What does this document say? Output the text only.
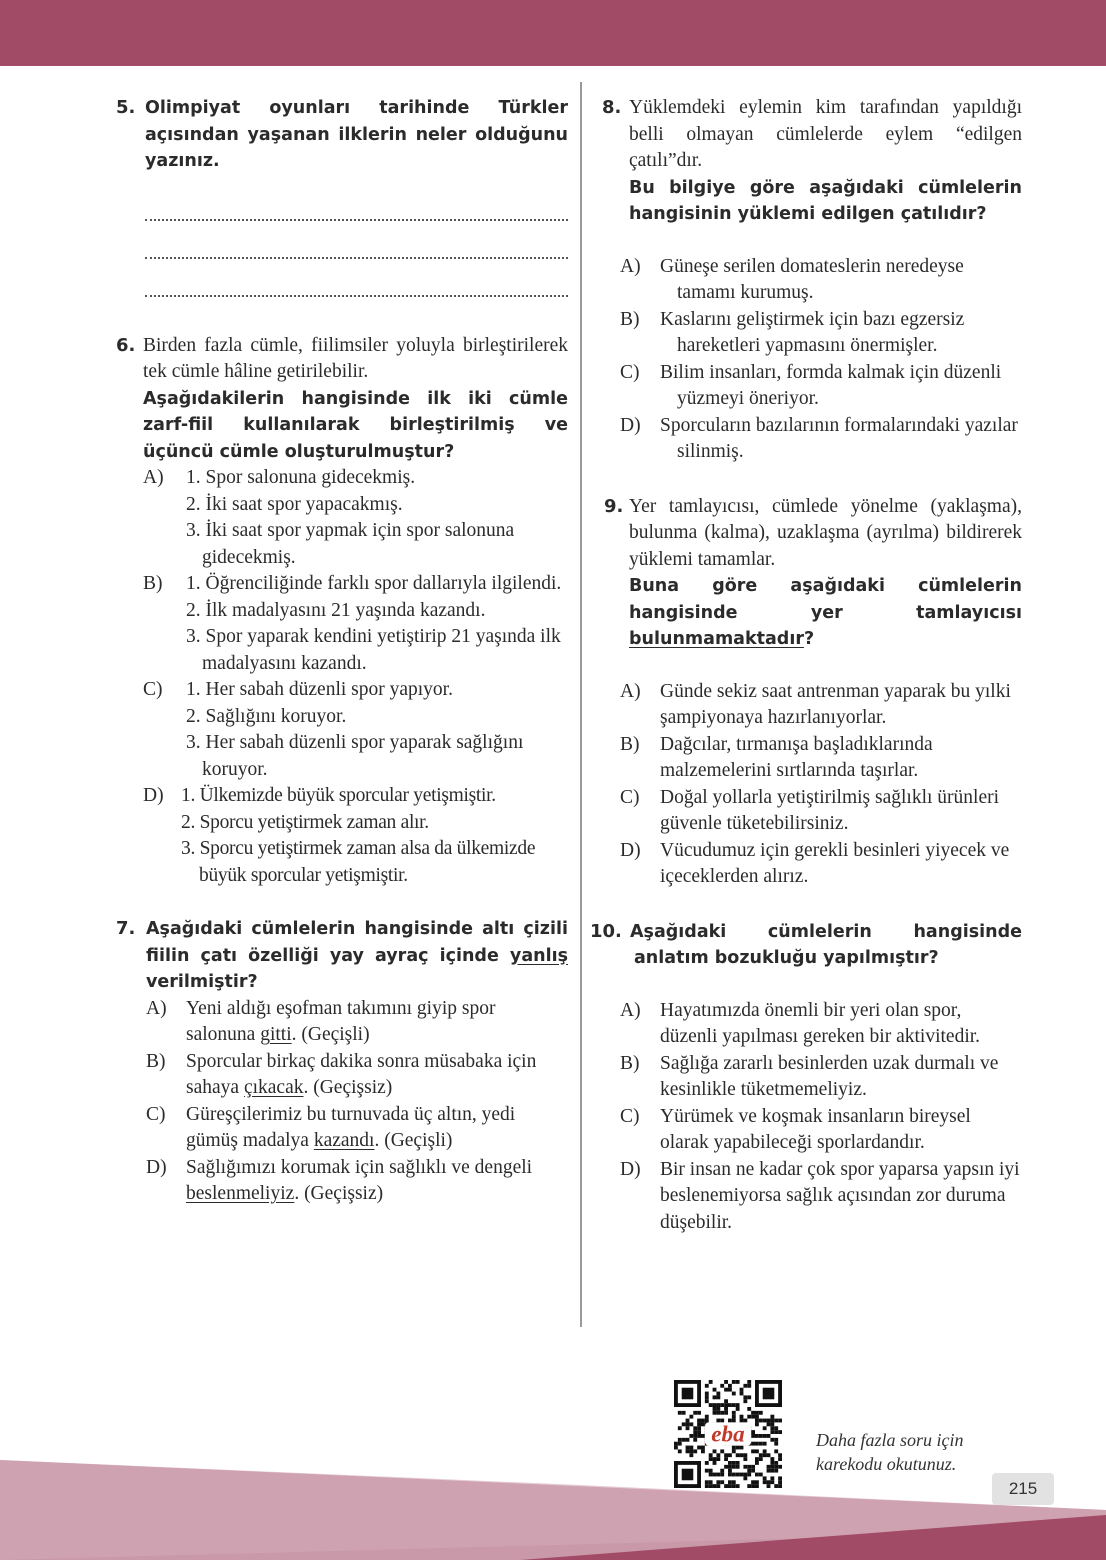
5. Olimpiyat oyunları tarihinde Türkler açısından yaşanan ilklerin neler olduğunu yazınız.
6. Birden fazla cümle, fiilimsiler yoluyla birleştirilerek tek cümle hâline getirilebilir.
Aşağıdakilerin hangisinde ilk iki cümle zarf-fiil kullanılarak birleştirilmiş ve üçüncü cümle oluşturulmuştur?
A) 1. Spor salonuna gidecekmiş.
2. İki saat spor yapacakmış.
3. İki saat spor yapmak için spor salonuna gidecekmiş.
B) 1. Öğrenciliğinde farklı spor dallarıyla ilgilendi.
2. İlk madalyasını 21 yaşında kazandı.
3. Spor yaparak kendini yetiştirip 21 yaşında ilk madalyasını kazandı.
C) 1. Her sabah düzenli spor yapıyor.
2. Sağlığını koruyor.
3. Her sabah düzenli spor yaparak sağlığını koruyor.
D) 1. Ülkemizde büyük sporcular yetişmiştir.
2. Sporcu yetiştirmek zaman alır.
3. Sporcu yetiştirmek zaman alsa da ülkemizde büyük sporcular yetişmiştir.
7. Aşağıdaki cümlelerin hangisinde altı çizili fiilin çatı özelliği yay ayraç içinde yanlış verilmiştir?
A) Yeni aldığı eşofman takımını giyip spor salonuna gitti. (Geçişli)
B) Sporcular birkaç dakika sonra müsabaka için sahaya çıkacak. (Geçişsiz)
C) Güreşçilerimiz bu turnuvada üç altın, yedi gümüş madalya kazandı. (Geçişli)
D) Sağlığımızı korumak için sağlıklı ve dengeli beslenmeliyiz. (Geçişsiz)
8. Yüklemdeki eylemin kim tarafından yapıldığı belli olmayan cümlelerde eylem “edilgen çatılı”dır.
Bu bilgiye göre aşağıdaki cümlelerin hangisinin yüklemi edilgen çatılıdır?
A) Güneşe serilen domateslerin neredeyse tamamı kurumuş.
B) Kaslarını geliştirmek için bazı egzersiz hareketleri yapmasını önermişler.
C) Bilim insanları, formda kalmak için düzenli yüzmeyi öneriyor.
D) Sporcuların bazılarının formalarındaki yazılar silinmiş.
9. Yer tamlayıcısı, cümlede yönelme (yaklaşma), bulunma (kalma), uzaklaşma (ayrılma) bildirerek yüklemi tamamlar.
Buna göre aşağıdaki cümlelerin hangisinde yer tamlayıcısı bulunmamaktadır?
A) Günde sekiz saat antrenman yaparak bu yılki şampiyonaya hazırlanıyorlar.
B) Dağcılar, tırmanışa başladıklarında malzemelerini sırtlarında taşırlar.
C) Doğal yollarla yetiştirilmiş sağlıklı ürünleri güvenle tüketebilirsiniz.
D) Vücudumuz için gerekli besinleri yiyecek ve içeceklerden alırız.
10. Aşağıdaki cümlelerin hangisinde anlatım bozukluğu yapılmıştır?
A) Hayatımızda önemli bir yeri olan spor, düzenli yapılması gereken bir aktivitedir.
B) Sağlığa zararlı besinlerden uzak durmalı ve kesinlikle tüketmemeliyiz.
C) Yürümek ve koşmak insanların bireysel olarak yapabileceği sporlardandır.
D) Bir insan ne kadar çok spor yaparsa yapsın iyi beslenemiyorsa sağlık açısından zor duruma düşebilir.
eba	Daha fazla soru için
karekodu okutunuz.
215
